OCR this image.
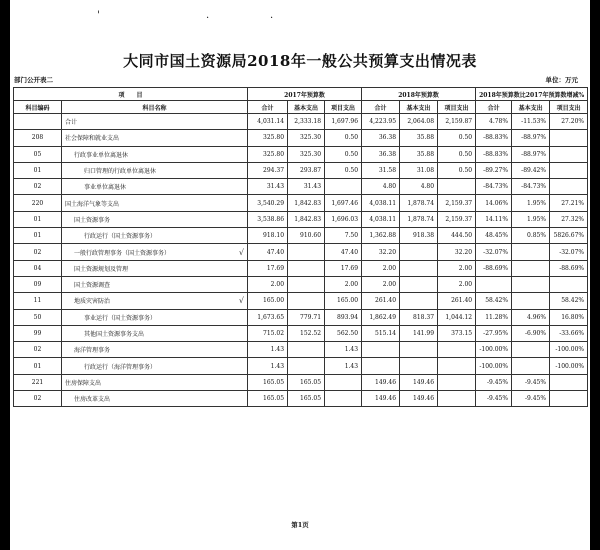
'	.	.
大同市国土资源局2018年一般公共预算支出情况表
部门公开表二	单位：万元
项　　目		2017年预算数			2018年预算数			2018年预算数比2017年预算数增减%		
科目编码	科目名称	合计	基本支出	项目支出	合计	基本支出	项目支出	合计	基本支出	项目支出
	合计	4,031.14	2,333.18	1,697.96	4,223.95	2,064.08	2,159.87	4.78%	-11.53%	27.20%
208	社会保障和就业支出	325.80	325.30	0.50	36.38	35.88	0.50	-88.83%	-88.97%	
05	行政事业单位离退休	325.80	325.30	0.50	36.38	35.88	0.50	-88.83%	-88.97%	
01	归口管理的行政单位离退休	294.37	293.87	0.50	31.58	31.08	0.50	-89.27%	-89.42%	
02	事业单位离退休	31.43	31.43		4.80	4.80		-84.73%	-84.73%	
220	国土海洋气象等支出	3,540.29	1,842.83	1,697.46	4,038.11	1,878.74	2,159.37	14.06%	1.95%	27.21%
01	国土资源事务	3,538.86	1,842.83	1,696.03	4,038.11	1,878.74	2,159.37	14.11%	1.95%	27.32%
01	行政运行（国土资源事务）	918.10	910.60	7.50	1,362.88	918.38	444.50	48.45%	0.85%	5826.67%
02	一般行政管理事务（国土资源事务） √	47.40		47.40	32.20		32.20	-32.07%		-32.07%
04	国土资源规划及管理	17.69		17.69	2.00		2.00	-88.69%		-88.69%
09	国土资源调查	2.00		2.00	2.00		2.00			
11	地质灾害防治 √	165.00		165.00	261.40		261.40	58.42%		58.42%
50	事业运行（国土资源事务）	1,673.65	779.71	893.94	1,862.49	818.37	1,044.12	11.28%	4.96%	16.80%
99	其他国土资源事务支出	715.02	152.52	562.50	515.14	141.99	373.15	-27.95%	-6.90%	-33.66%
02	海洋管理事务	1.43		1.43				-100.00%		-100.00%
01	行政运行（海洋管理事务）	1.43		1.43				-100.00%		-100.00%
221	住房保障支出	165.05	165.05		149.46	149.46		-9.45%	-9.45%	
02	住房改革支出	165.05	165.05		149.46	149.46		-9.45%	-9.45%	
第1页
